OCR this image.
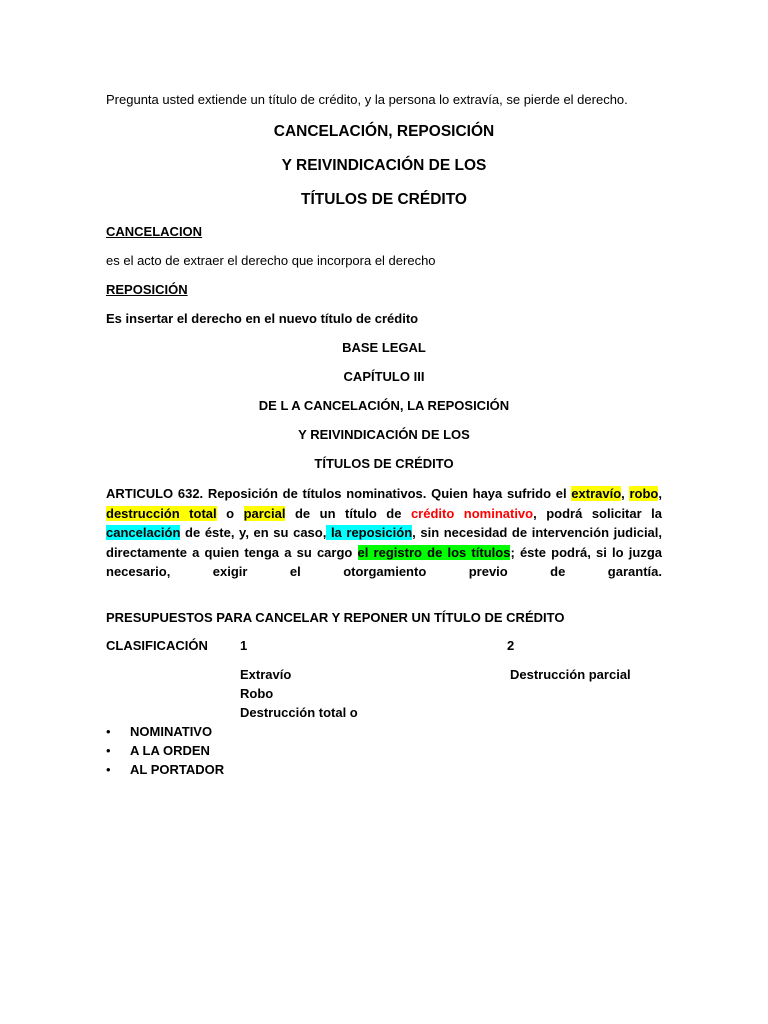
Pregunta usted extiende un título de crédito, y la persona lo extravía, se pierde el derecho.
CANCELACIÓN, REPOSICIÓN
Y REIVINDICACIÓN DE LOS
TÍTULOS DE CRÉDITO
CANCELACION
es el acto de extraer el derecho que incorpora el derecho
REPOSICIÓN
Es insertar el derecho en el nuevo título de crédito
BASE LEGAL
CAPÍTULO III
DE L A CANCELACIÓN, LA REPOSICIÓN
Y REIVINDICACIÓN DE LOS
TÍTULOS DE CRÉDITO
ARTICULO 632. Reposición de títulos nominativos. Quien haya sufrido el extravío, robo, destrucción total o parcial de un título de crédito nominativo, podrá solicitar la cancelación de éste, y, en su caso, la reposición, sin necesidad de intervención judicial, directamente a quien tenga a su cargo el registro de los títulos; éste podrá, si lo juzga necesario, exigir el otorgamiento previo de garantía.
PRESUPUESTOS PARA CANCELAR Y REPONER UN TÍTULO DE CRÉDITO
CLASIFICACIÓN 1	2
Extravío
Robo
Destrucción total o
Destrucción parcial
• NOMINATIVO
• A LA ORDEN
• AL PORTADOR
